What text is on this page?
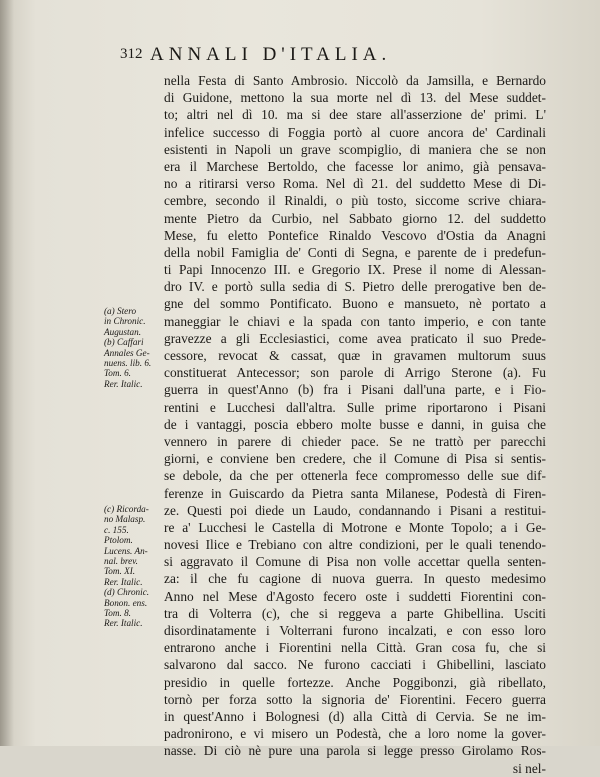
312 ANNALI D'ITALIA.
(a) Stero
in Chronic.
Augustan.
(b) Caffari
Annales Ge-
nuens. lib. 6.
Tom. 6.
Rer. Italic.
(c) Ricorda-
no Malasp.
c. 155.
Ptolom.
Lucens. An-
nal. brev.
Tom. XI.
Rer. Italic.
(d) Chronic.
Bonon. ens.
Tom. 8.
Rer. Italic.
nella Festa di Santo Ambrosio. Niccolò da Jamsilla, e Bernardo
di Guidone, mettono la sua morte nel dì 13. del Mese suddet-
to; altri nel dì 10. ma si dee stare all'asserzione de' primi. L'
infelice successo di Foggia portò al cuore ancora de' Cardinali
esistenti in Napoli un grave scompiglio, di maniera che se non
era il Marchese Bertoldo, che facesse lor animo, già pensava-
no a ritirarsi verso Roma. Nel dì 21. del suddetto Mese di Di-
cembre, secondo il Rinaldi, o più tosto, siccome scrive chiara-
mente Pietro da Curbio, nel Sabbato giorno 12. del suddetto
Mese, fu eletto Pontefice Rinaldo Vescovo d'Ostia da Anagni
della nobil Famiglia de' Conti di Segna, e parente de i predefun-
ti Papi Innocenzo III. e Gregorio IX. Prese il nome di Alessan-
dro IV. e portò sulla sedia di S. Pietro delle prerogative ben de-
gne del sommo Pontificato. Buono e mansueto, nè portato a
maneggiar le chiavi e la spada con tanto imperio, e con tante
gravezze a gli Ecclesiastici, come avea praticato il suo Prede-
cessore, revocat & cassat, quæ in gravamen multorum suus
constituerat Antecessor; son parole di Arrigo Sterone (a). Fu
guerra in quest'Anno (b) fra i Pisani dall'una parte, e i Fio-
rentini e Lucchesi dall'altra. Sulle prime riportarono i Pisani
de i vantaggi, poscia ebbero molte busse e danni, in guisa che
vennero in parere di chieder pace. Se ne trattò per parecchi
giorni, e conviene ben credere, che il Comune di Pisa si sentis-
se debole, da che per ottenerla fece compromesso delle sue dif-
ferenze in Guiscardo da Pietra santa Milanese, Podestà di Firen-
ze. Questi poi diede un Laudo, condannando i Pisani a restitui-
re a' Lucchesi le Castella di Motrone e Monte Topolo; a i Ge-
novesi Ilice e Trebiano con altre condizioni, per le quali tenendo-
si aggravato il Comune di Pisa non volle accettar quella senten-
za: il che fu cagione di nuova guerra. In questo medesimo
Anno nel Mese d'Agosto fecero oste i suddetti Fiorentini con-
tra di Volterra (c), che si reggeva a parte Ghibellina. Usciti
disordinatamente i Volterrani furono incalzati, e con esso loro
entrarono anche i Fiorentini nella Città. Gran cosa fu, che si
salvarono dal sacco. Ne furono cacciati i Ghibellini, lasciato
presidio in quelle fortezze. Anche Poggibonzi, già ribellato,
tornò per forza sotto la signoria de' Fiorentini. Fecero guerra
in quest'Anno i Bolognesi (d) alla Città di Cervia. Se ne im-
padronirono, e vi misero un Podestà, che a loro nome la gover-
nasse. Di ciò nè pure una parola si legge presso Girolamo Ros-
si nel-
